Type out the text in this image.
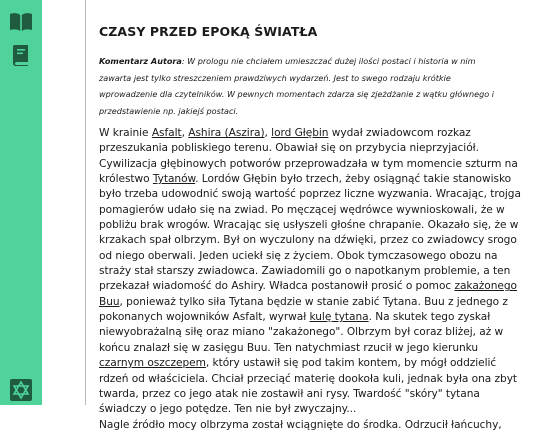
CZASY PRZED EPOKĄ ŚWIATŁA

Komentarz Autora: W prologu nie chciałem umieszczać dużej ilości postaci i historia w nim zawarta jest tylko streszczeniem prawdziwych wydarzeń. Jest to swego rodzaju krótkie wprowadzenie dla czytelników. W pewnych momentach zdarza się zjeżdżanie z wątku głównego i przedstawienie np. jakiejś postaci.

W krainie Asfalt, Ashira (Aszira), lord Głębin wydał zwiadowcom rozkaz przeszukania pobliskiego terenu. Obawiał się on przybycia nieprzyjaciół. Cywilizacja głębinowych potworów przeprowadzała w tym momencie szturm na królestwo Tytanów. Lordów Głębin było trzech, żeby osiągnąć takie stanowisko było trzeba udowodnić swoją wartość poprzez liczne wyzwania. Wracając, trojga pomagierów udało się na zwiad. Po męczącej wędrówce wywnioskowali, że w pobliżu brak wrogów. Wracając się usłyszeli głośne chrapanie. Okazało się, że w krzakach spał olbrzym. Był on wyczulony na dźwięki, przez co zwiadowcy srogo od niego oberwali. Jeden uciekł się z życiem. Obok tymczasowego obozu na straży stał starszy zwiadowca. Zawiadomili go o napotkanym problemie, a ten przekazał wiadomość do Ashiry. Władca postanowił prosić o pomoc zakażonego Buu, ponieważ tylko siła Tytana będzie w stanie zabić Tytana. Buu z jednego z pokonanych wojowników Asfalt, wyrwał kulę tytana. Na skutek tego zyskał niewyobrażalną siłę oraz miano "zakażonego". Olbrzym był coraz bliżej, aż w końcu znalazł się w zasięgu Buu. Ten natychmiast rzucił w jego kierunku czarnym oszczepem, który ustawił się pod takim kontem, by mógł oddzielić rdzeń od właściciela. Chciał przeciąć materię dookoła kuli, jednak była ona zbyt twarda, przez co jego atak nie zostawił ani rysy. Twardość "skóry" tytana świadczy o jego potędze. Ten nie był zwyczajny...
Nagle źródło mocy olbrzyma został wciągnięte do środka. Odrzucił łańcuchy,
